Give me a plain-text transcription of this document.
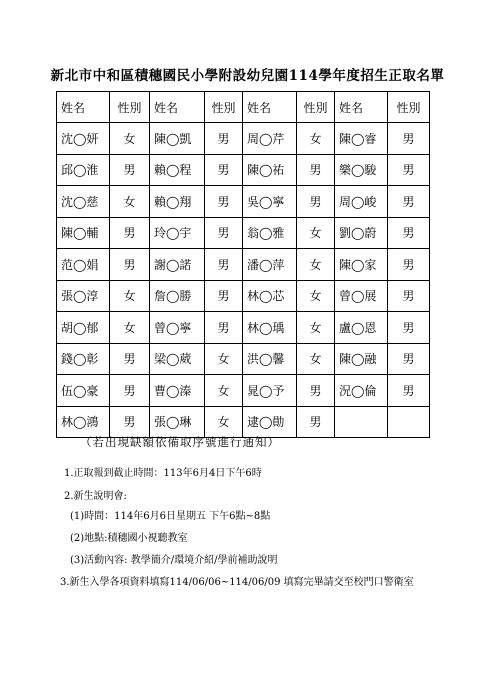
新北市中和區積穗國民小學附設幼兒園114學年度招生正取名單
姓名	性別	姓名	性別	姓名	性別	姓名	性別
沈◯妍	女	陳◯凱	男	周◯芹	女	陳◯睿	男
邱◯淮	男	賴◯程	男	陳◯祐	男	樂◯駿	男
沈◯慈	女	賴◯翔	男	吳◯寧	男	周◯峻	男
陳◯輔	男	玲◯宇	男	翁◯雅	女	劉◯蔚	男
范◯娟	男	謝◯諾	男	潘◯萍	女	陳◯家	男
張◯淳	女	詹◯勝	男	林◯芯	女	曾◯展	男
胡◯郁	女	曾◯寧	男	林◯瑀	女	盧◯恩	男
錢◯彰	男	梁◯葳	女	洪◯馨	女	陳◯融	男
伍◯豪	男	曹◯溱	女	晁◯予	男	況◯倫	男
林◯鴻	男	張◯琳	女	逮◯勛	男		
（若出現缺額依備取序號進行通知）
1.正取報到截止時間：113年6月4日下午6時
2.新生說明會:
(1)時間：114年6月6日星期五 下午6點~8點
(2)地點:積穗國小視聽教室
(3)活動內容: 教學簡介/環境介紹/學前補助說明
3.新生入學各項資料填寫114/06/06~114/06/09 填寫完畢請交至校門口警衛室
